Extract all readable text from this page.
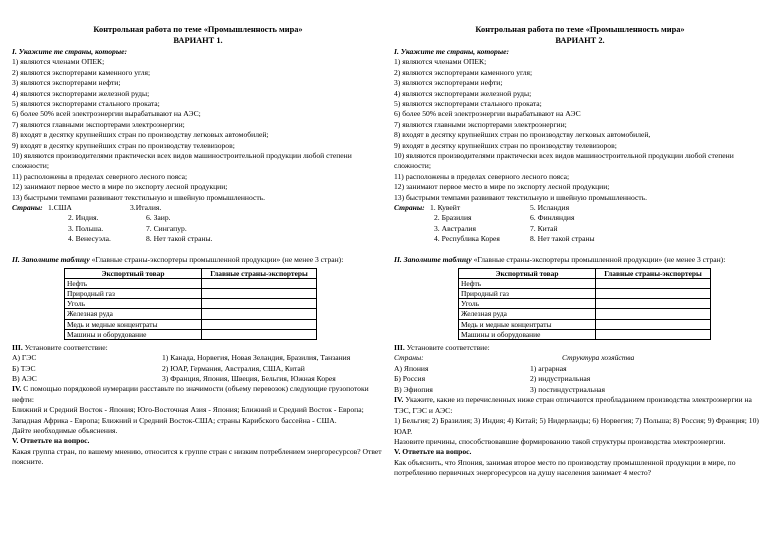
Контрольная работа по теме «Промышленность мира»
ВАРИАНТ 1.
I. Укажите те страны, которые:
1) являются членами ОПЕК;
2) являются экспортерами каменного угля;
3) являются экспортерами нефти;
4) являются экспортерами железной руды;
5) являются экспортерами стального проката;
6) более 50% всей электроэнергии вырабатывают на АЭС;
7) являются главными экспортерами электроэнергии;
8) входят в десятку крупнейших стран по производству легковых автомобилей;
9) входят в десятку крупнейших стран по производству телевизоров;
10) являются производителями практически всех видов машиностроительной продукции любой степени сложности;
11) расположены в пределах северного лесного пояса;
12) занимают первое место в мире по экспорту лесной продукции;
13) быстрыми темпами развивают текстильную и швейную промышленность.
Страны: 1.США	3.Италия.
2. Индия.	6. Заир.
3. Польша.	7. Сингапур.
4. Венесуэла.	8. Нет такой страны.
II. Заполните таблицу «Главные страны-экспортеры промышленной продукции» (не менее 3 стран):
Экспортный товар	Главные страны-экспортеры
Нефть	
Природный газ	
Уголь	
Железная руда	
Медь и медные концентраты	
Машины и оборудование	
III. Установите соответствие:
А) ГЭС	1) Канада, Норвегия, Новая Зеландия, Бразилия, Танзания
Б) ТЭС	2) ЮАР, Германия, Австралия, США, Китай
В) АЭС	3) Франция, Япония, Швеция, Бельгия, Южная Корея
IV. С помощью порядковой нумерации расставьте по значимости (объему перевозок) следующие грузопотоки нефти:
Ближний и Средний Восток - Япония; Юго-Восточная Азия - Япония; Ближний и Средний Восток - Европа; Западная Африка - Европа; Ближний и Средний Восток-США; страны Карибского бассейна - США.
Дайте необходимые объяснения.
V. Ответьте на вопрос.
Какая группа стран, по вашему мнению, относится к группе стран с низким потреблением энергоресурсов? Ответ поясните.
Контрольная работа по теме «Промышленность мира»
ВАРИАНТ 2.
I. Укажите те страны, которые:
1) являются членами ОПЕК;
2) являются экспортерами каменного угля;
3) являются экспортерами нефти;
4) являются экспортерами железной руды;
5) являются экспортерами стального проката;
6) более 50% всей электроэнергии вырабатывают на АЭС
7) являются главными экспортерами электроэнергии;
8) входят в десятку крупнейших стран по производству легковых автомобилей,
9) входят в десятку крупнейших стран по производству телевизоров;
10) являются производителями практически всех видов машиностроительной продукции любой степени сложности;
11) расположены в пределах северного лесного пояса;
12) занимают первое место в мире по экспорту лесной продукции;
13) быстрыми темпами развивают текстильную и швейную промышленность.
Страны: 1. Кувейт	5. Исландия
2. Бразилия	6. Финляндия
3. Австралия	7. Китай
4. Республика Корея	8. Нет такой страны
II. Заполните таблицу «Главные страны-экспортеры промышленной продукции» (не менее 3 стран):
Экспортный товар	Главные страны-экспортеры
Нефть	
Природный газ	
Уголь	
Железная руда	
Медь и медные концентраты	
Машины и оборудование	
III. Установите соответствие:
Страны:	Структура хозяйства
А) Япония	1) аграрная
Б) Россия	2) индустриальная
В) Эфиопия	3) постиндустриальная
IV. Укажите, какие из перечисленных ниже стран отличаются преобладанием производства электроэнергии на ТЭС, ГЭС и АЭС:
1) Бельгия; 2) Бразилия; 3) Индия; 4) Китай; 5) Нидерланды; 6) Норвегия; 7) Польша; 8) Россия; 9) Франция; 10) ЮАР.
Назовите причины, способствовавшие формированию такой структуры производства электроэнергии.
V. Ответьте на вопрос.
Как объяснить, что Япония, занимая второе место по производству промышленной продукции в мире, по потреблению первичных энергоресурсов на душу населения занимает 4 место?
